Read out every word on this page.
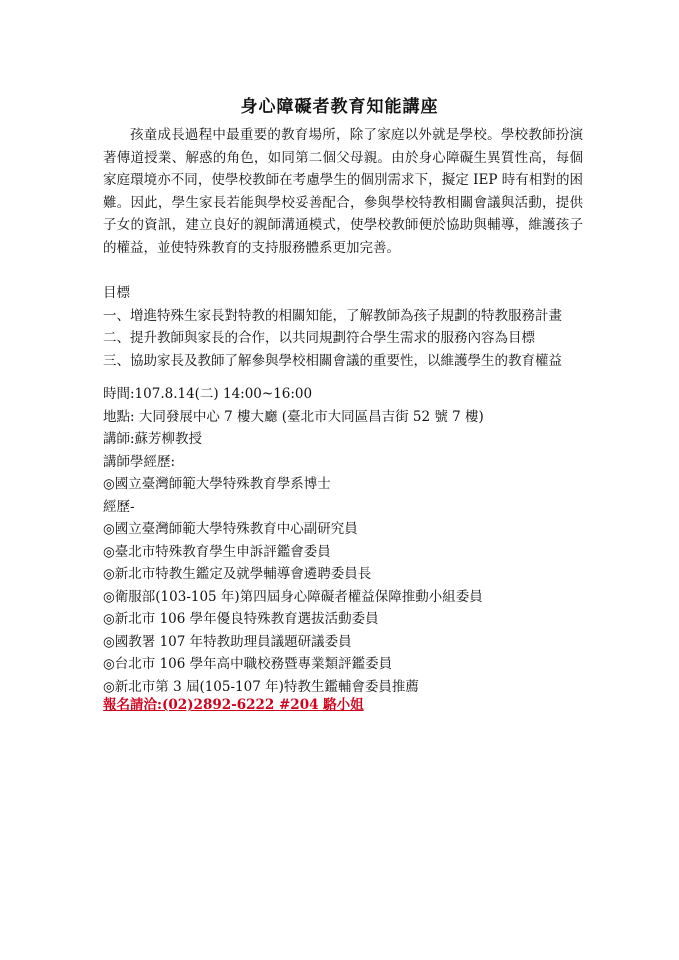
身心障礙者教育知能講座

孩童成長過程中最重要的教育場所，除了家庭以外就是學校。學校教師扮演著傳道授業、解惑的角色，如同第二個父母親。由於身心障礙生異質性高，每個家庭環境亦不同，使學校教師在考慮學生的個別需求下，擬定 IEP 時有相對的困難。因此，學生家長若能與學校妥善配合，參與學校特教相關會議與活動，提供子女的資訊，建立良好的親師溝通模式，使學校教師便於協助與輔導，維護孩子的權益，並使特殊教育的支持服務體系更加完善。

目標
一、增進特殊生家長對特教的相關知能，了解教師為孩子規劃的特教服務計畫
二、提升教師與家長的合作，以共同規劃符合學生需求的服務內容為目標
三、協助家長及教師了解參與學校相關會議的重要性，以維護學生的教育權益
時間:107.8.14(二) 14:00~16:00
地點: 大同發展中心 7 樓大廳 (臺北市大同區昌吉街 52 號 7 樓)
講師:蘇芳柳教授
講師學經歷:
◎國立臺灣師範大學特殊教育學系博士
經歷-
◎國立臺灣師範大學特殊教育中心副研究員
◎臺北市特殊教育學生申訴評鑑會委員
◎新北市特教生鑑定及就學輔導會遴聘委員長
◎衛服部(103-105 年)第四屆身心障礙者權益保障推動小組委員
◎新北市 106 學年優良特殊教育選拔活動委員
◎國教署 107 年特教助理員議題研議委員
◎台北市 106 學年高中職校務暨專業類評鑑委員
◎新北市第 3 屆(105-107 年)特教生鑑輔會委員推薦
報名請洽:(02)2892-6222 #204 駱小姐
